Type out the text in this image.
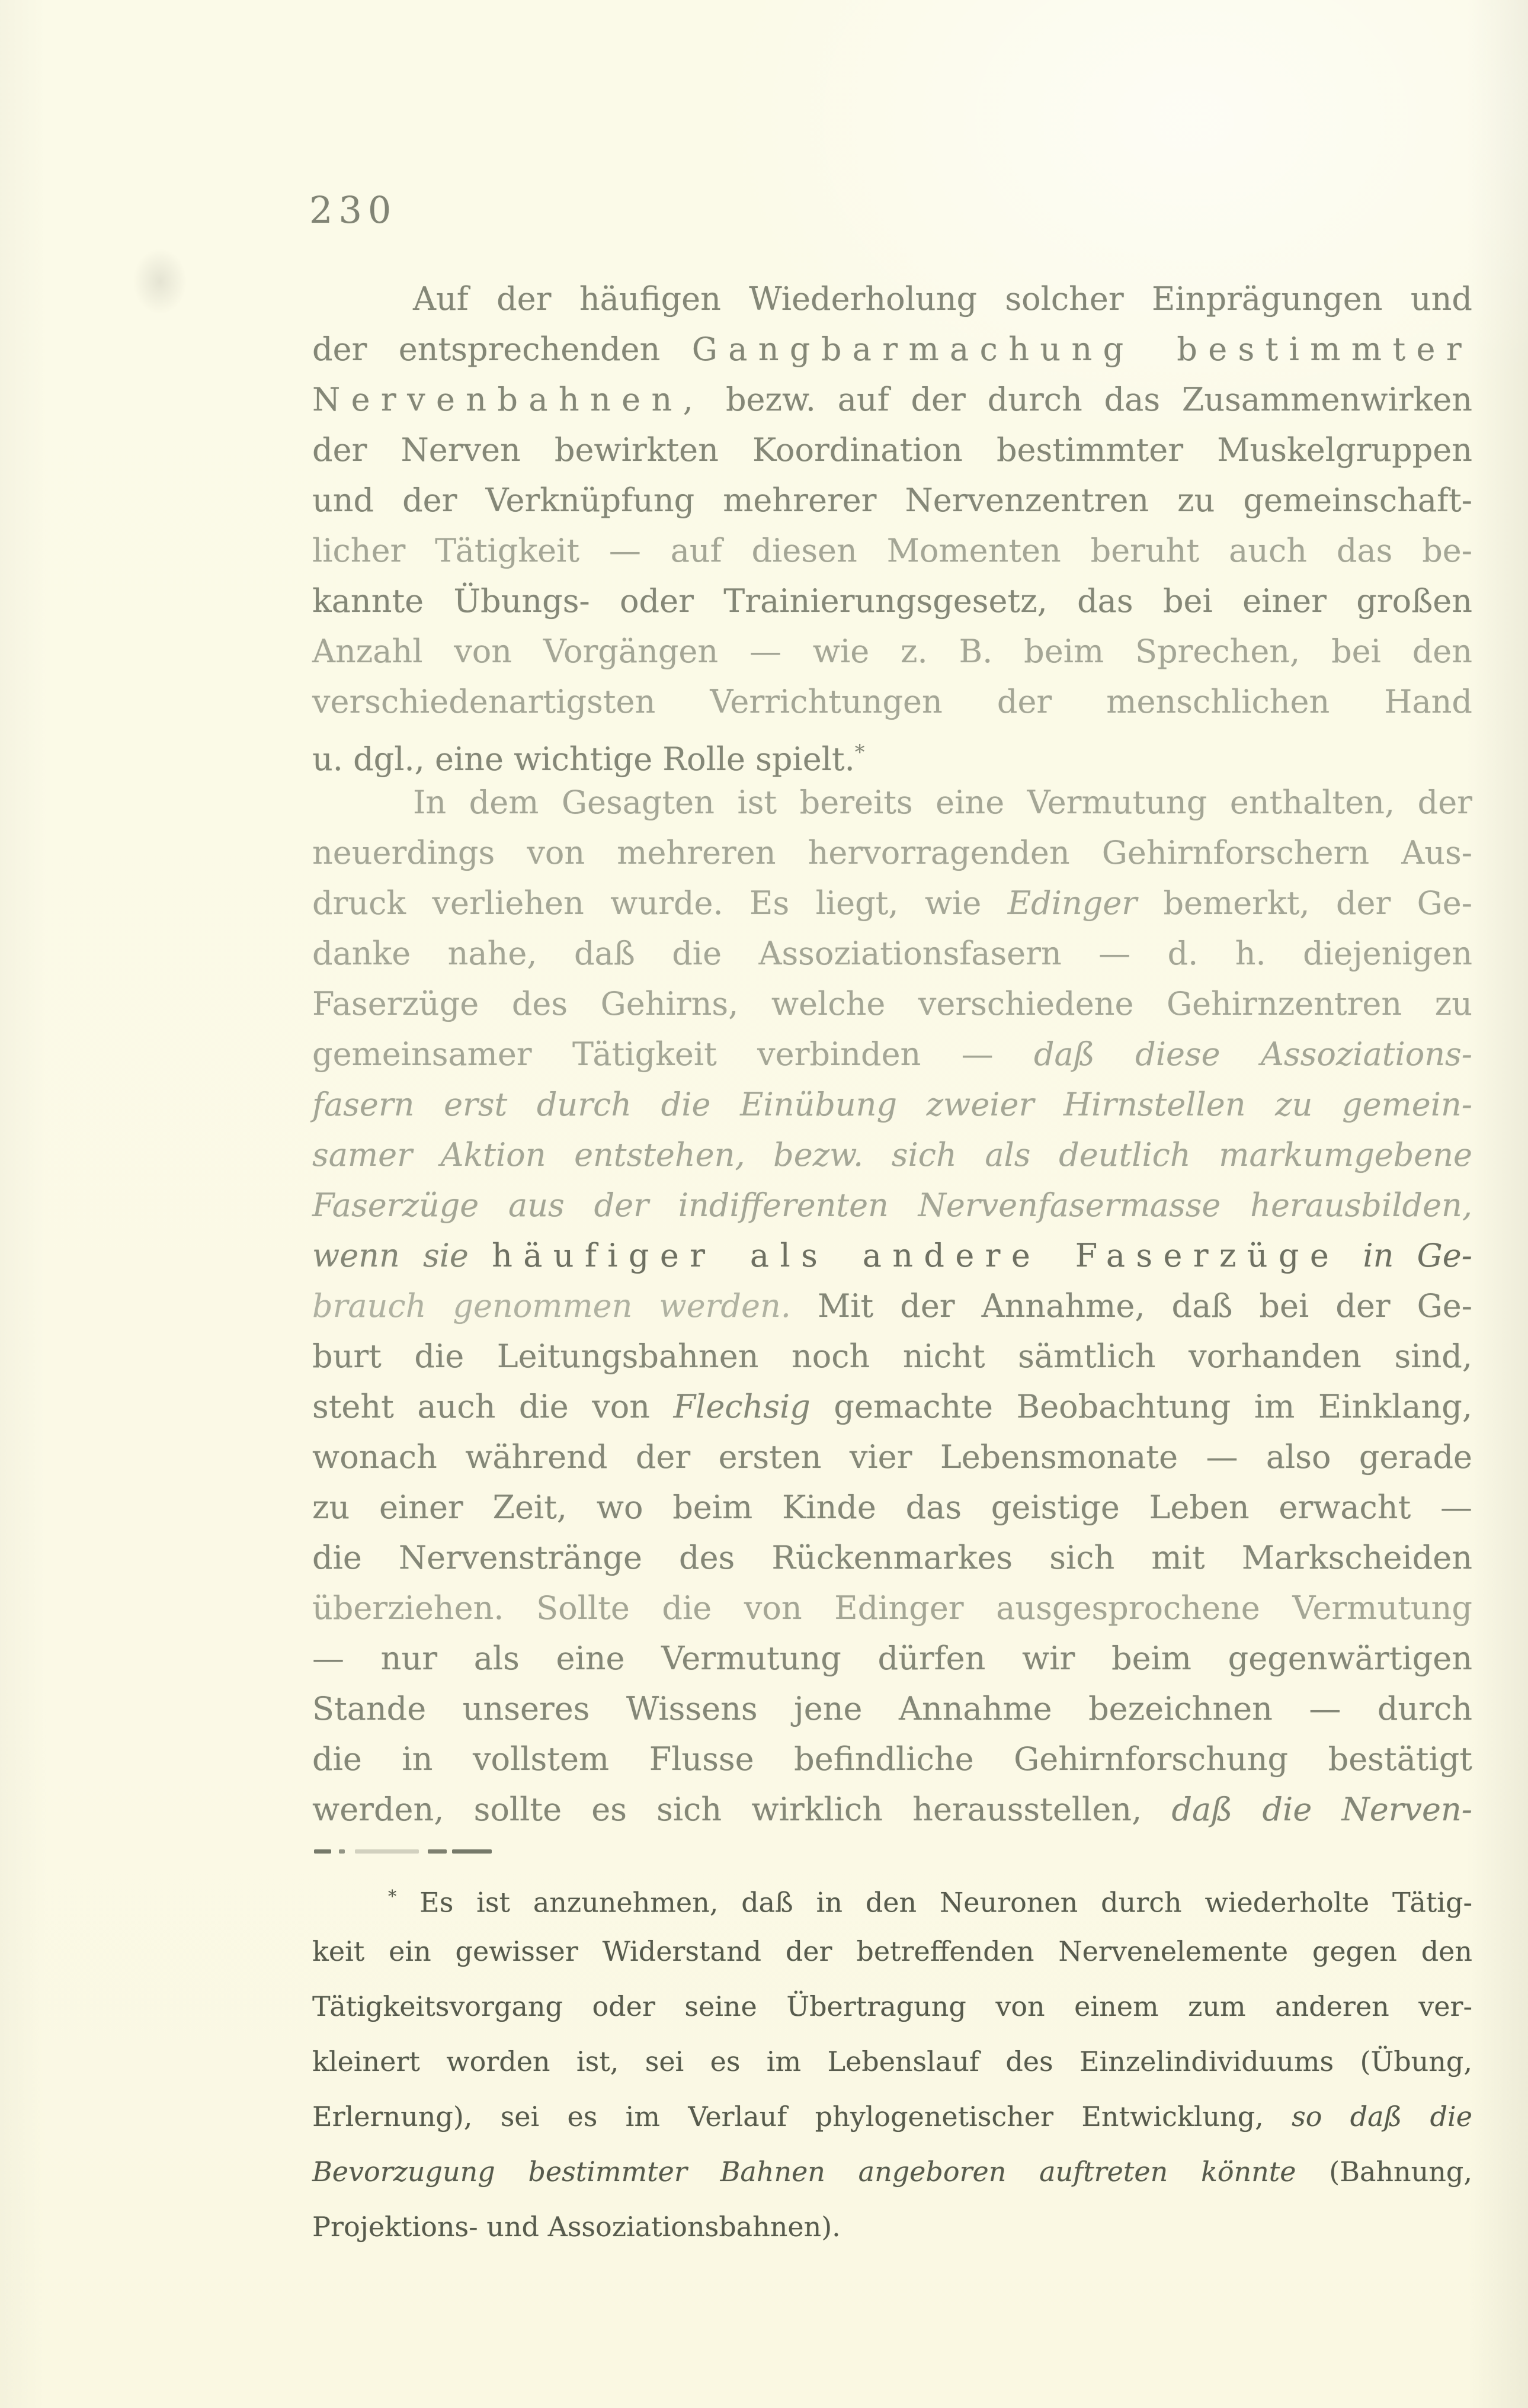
230
Auf der häufigen Wiederholung solcher Einprägungen und
der entsprechenden Gangbarmachung bestimmter
Nervenbahnen, bezw. auf der durch das Zusammenwirken
der Nerven bewirkten Koordination bestimmter Muskelgruppen
und der Verknüpfung mehrerer Nervenzentren zu gemeinschaft-
licher Tätigkeit — auf diesen Momenten beruht auch das be-
kannte Übungs- oder Trainierungsgesetz, das bei einer großen
Anzahl von Vorgängen — wie z. B. beim Sprechen, bei den
verschiedenartigsten Verrichtungen der menschlichen Hand
u. dgl., eine wichtige Rolle spielt.*
In dem Gesagten ist bereits eine Vermutung enthalten, der
neuerdings von mehreren hervorragenden Gehirnforschern Aus-
druck verliehen wurde. Es liegt, wie Edinger bemerkt, der Ge-
danke nahe, daß die Assoziationsfasern — d. h. diejenigen
Faserzüge des Gehirns, welche verschiedene Gehirnzentren zu
gemeinsamer Tätigkeit verbinden — daß diese Assoziations-
fasern erst durch die Einübung zweier Hirnstellen zu gemein-
samer Aktion entstehen, bezw. sich als deutlich markumgebene
Faserzüge aus der indifferenten Nervenfasermasse herausbilden,
wenn sie häufiger als andere Faserzüge in Ge-
brauch genommen werden. Mit der Annahme, daß bei der Ge-
burt die Leitungsbahnen noch nicht sämtlich vorhanden sind,
steht auch die von Flechsig gemachte Beobachtung im Einklang,
wonach während der ersten vier Lebensmonate — also gerade
zu einer Zeit, wo beim Kinde das geistige Leben erwacht —
die Nervenstränge des Rückenmarkes sich mit Markscheiden
überziehen. Sollte die von Edinger ausgesprochene Vermutung
— nur als eine Vermutung dürfen wir beim gegenwärtigen
Stande unseres Wissens jene Annahme bezeichnen — durch
die in vollstem Flusse befindliche Gehirnforschung bestätigt
werden, sollte es sich wirklich herausstellen, daß die Nerven-
* Es ist anzunehmen, daß in den Neuronen durch wiederholte Tätig-
keit ein gewisser Widerstand der betreffenden Nervenelemente gegen den
Tätigkeitsvorgang oder seine Übertragung von einem zum anderen ver-
kleinert worden ist, sei es im Lebenslauf des Einzelindividuums (Übung,
Erlernung), sei es im Verlauf phylogenetischer Entwicklung, so daß die
Bevorzugung bestimmter Bahnen angeboren auftreten könnte (Bahnung,
Projektions- und Assoziationsbahnen).
